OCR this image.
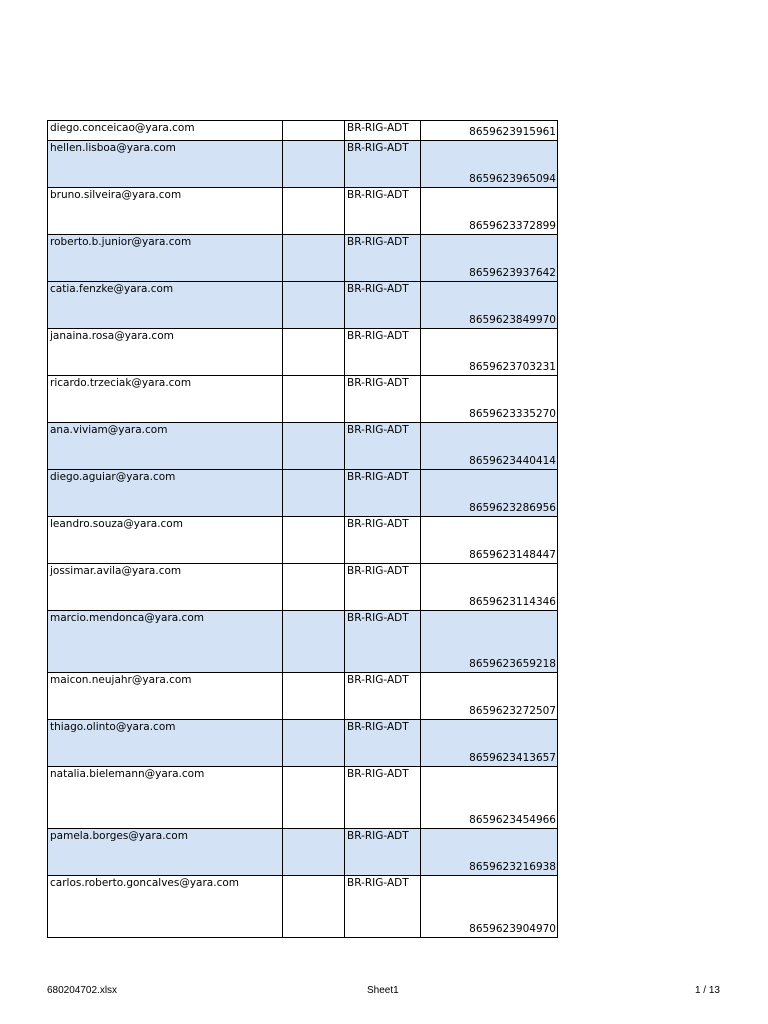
diego.conceicao@yara.com		BR-RIG-ADT	8659623915961
hellen.lisboa@yara.com		BR-RIG-ADT	8659623965094
bruno.silveira@yara.com		BR-RIG-ADT	8659623372899
roberto.b.junior@yara.com		BR-RIG-ADT	8659623937642
catia.fenzke@yara.com		BR-RIG-ADT	8659623849970
janaina.rosa@yara.com		BR-RIG-ADT	8659623703231
ricardo.trzeciak@yara.com		BR-RIG-ADT	8659623335270
ana.viviam@yara.com		BR-RIG-ADT	8659623440414
diego.aguiar@yara.com		BR-RIG-ADT	8659623286956
leandro.souza@yara.com		BR-RIG-ADT	8659623148447
jossimar.avila@yara.com		BR-RIG-ADT	8659623114346
marcio.mendonca@yara.com		BR-RIG-ADT	8659623659218
maicon.neujahr@yara.com		BR-RIG-ADT	8659623272507
thiago.olinto@yara.com		BR-RIG-ADT	8659623413657
natalia.bielemann@yara.com		BR-RIG-ADT	8659623454966
pamela.borges@yara.com		BR-RIG-ADT	8659623216938
carlos.roberto.goncalves@yara.com		BR-RIG-ADT	8659623904970
680204702.xlsx	Sheet1	1 / 13
